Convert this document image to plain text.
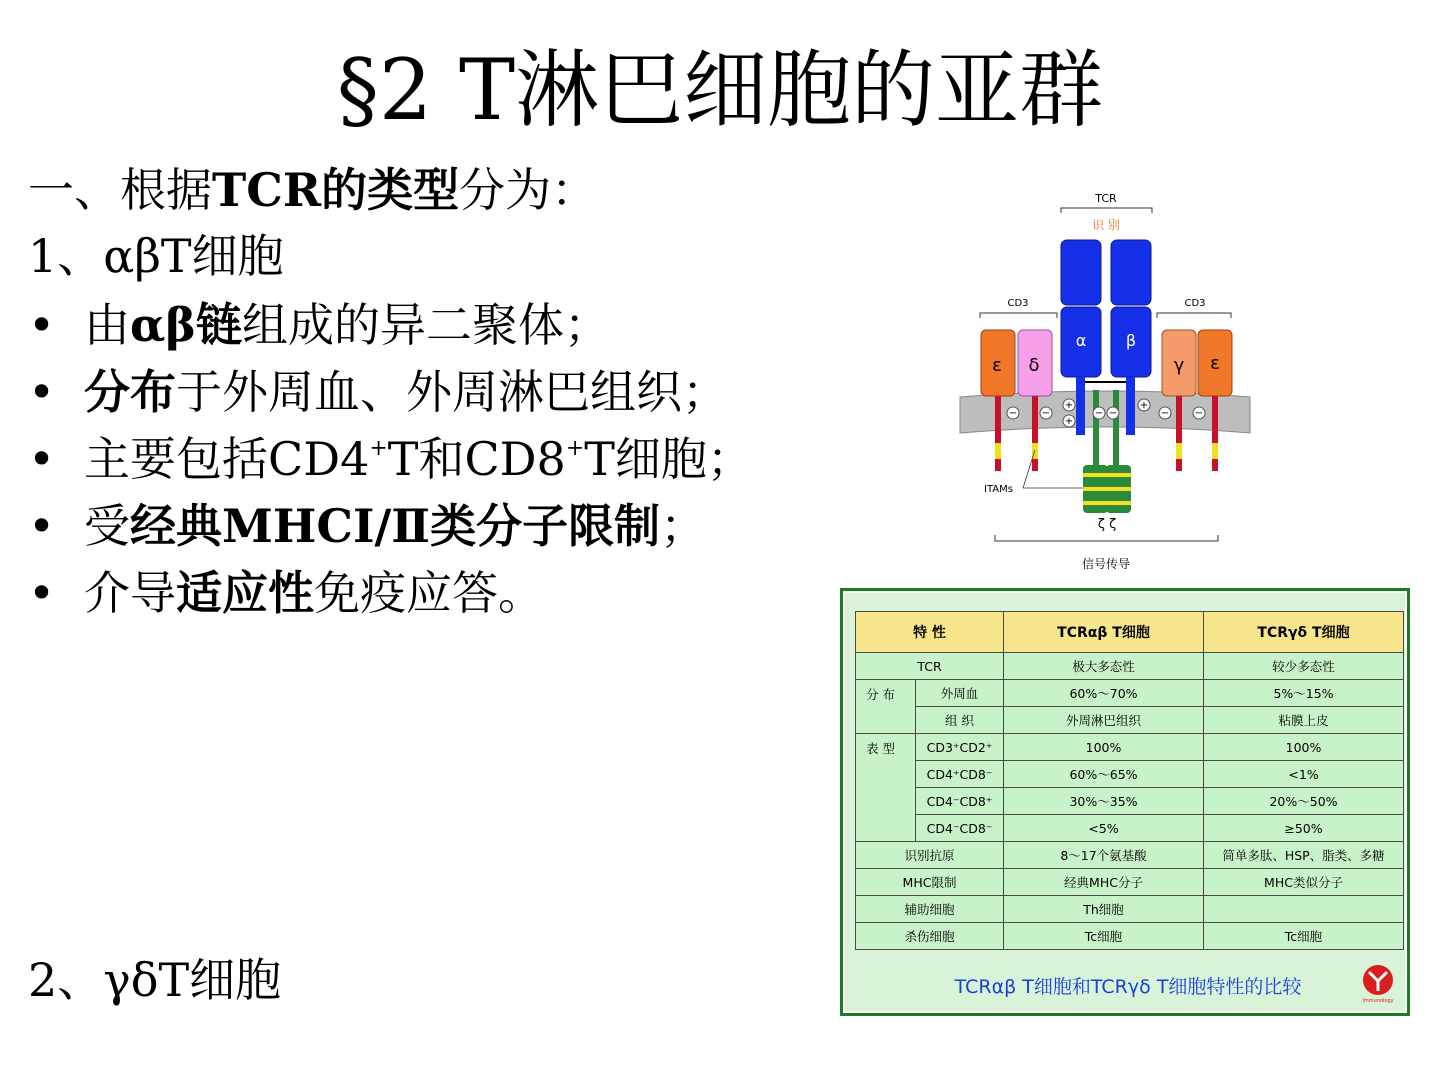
§2 T淋巴细胞的亚群
一、根据TCR的类型分为：
1、αβT细胞
• 由αβ链组成的异二聚体；
• 分布于外周血、外周淋巴组织；
• 主要包括CD4+T和CD8+T细胞；
• 受经典MHCⅠ/Ⅱ类分子限制；
• 介导适应性免疫应答。
2、γδT细胞
TCR
识 别
CD3	CD3
α β
ε δ	γ ε
ζ ζ
− −
+
+
− −
+
−	−
ITAMs
信号传导
特 性		TCRαβ T细胞	TCRγδ T细胞
TCR		极大多态性	较少多态性
分 布	外周血	60%～70%	5%～15%
	组 织	外周淋巴组织	粘膜上皮
表 型	CD3⁺CD2⁺	100%	100%
	CD4⁺CD8⁻	60%～65%	<1%
	CD4⁻CD8⁺	30%～35%	20%～50%
	CD4⁻CD8⁻	<5%	≥50%
识别抗原		8～17个氨基酸	简单多肽、HSP、脂类、多糖
MHC限制		经典MHC分子	MHC类似分子
辅助细胞		Th细胞	
杀伤细胞		Tc细胞	Tc细胞
TCRαβ T细胞和TCRγδ T细胞特性的比较
Immunology
